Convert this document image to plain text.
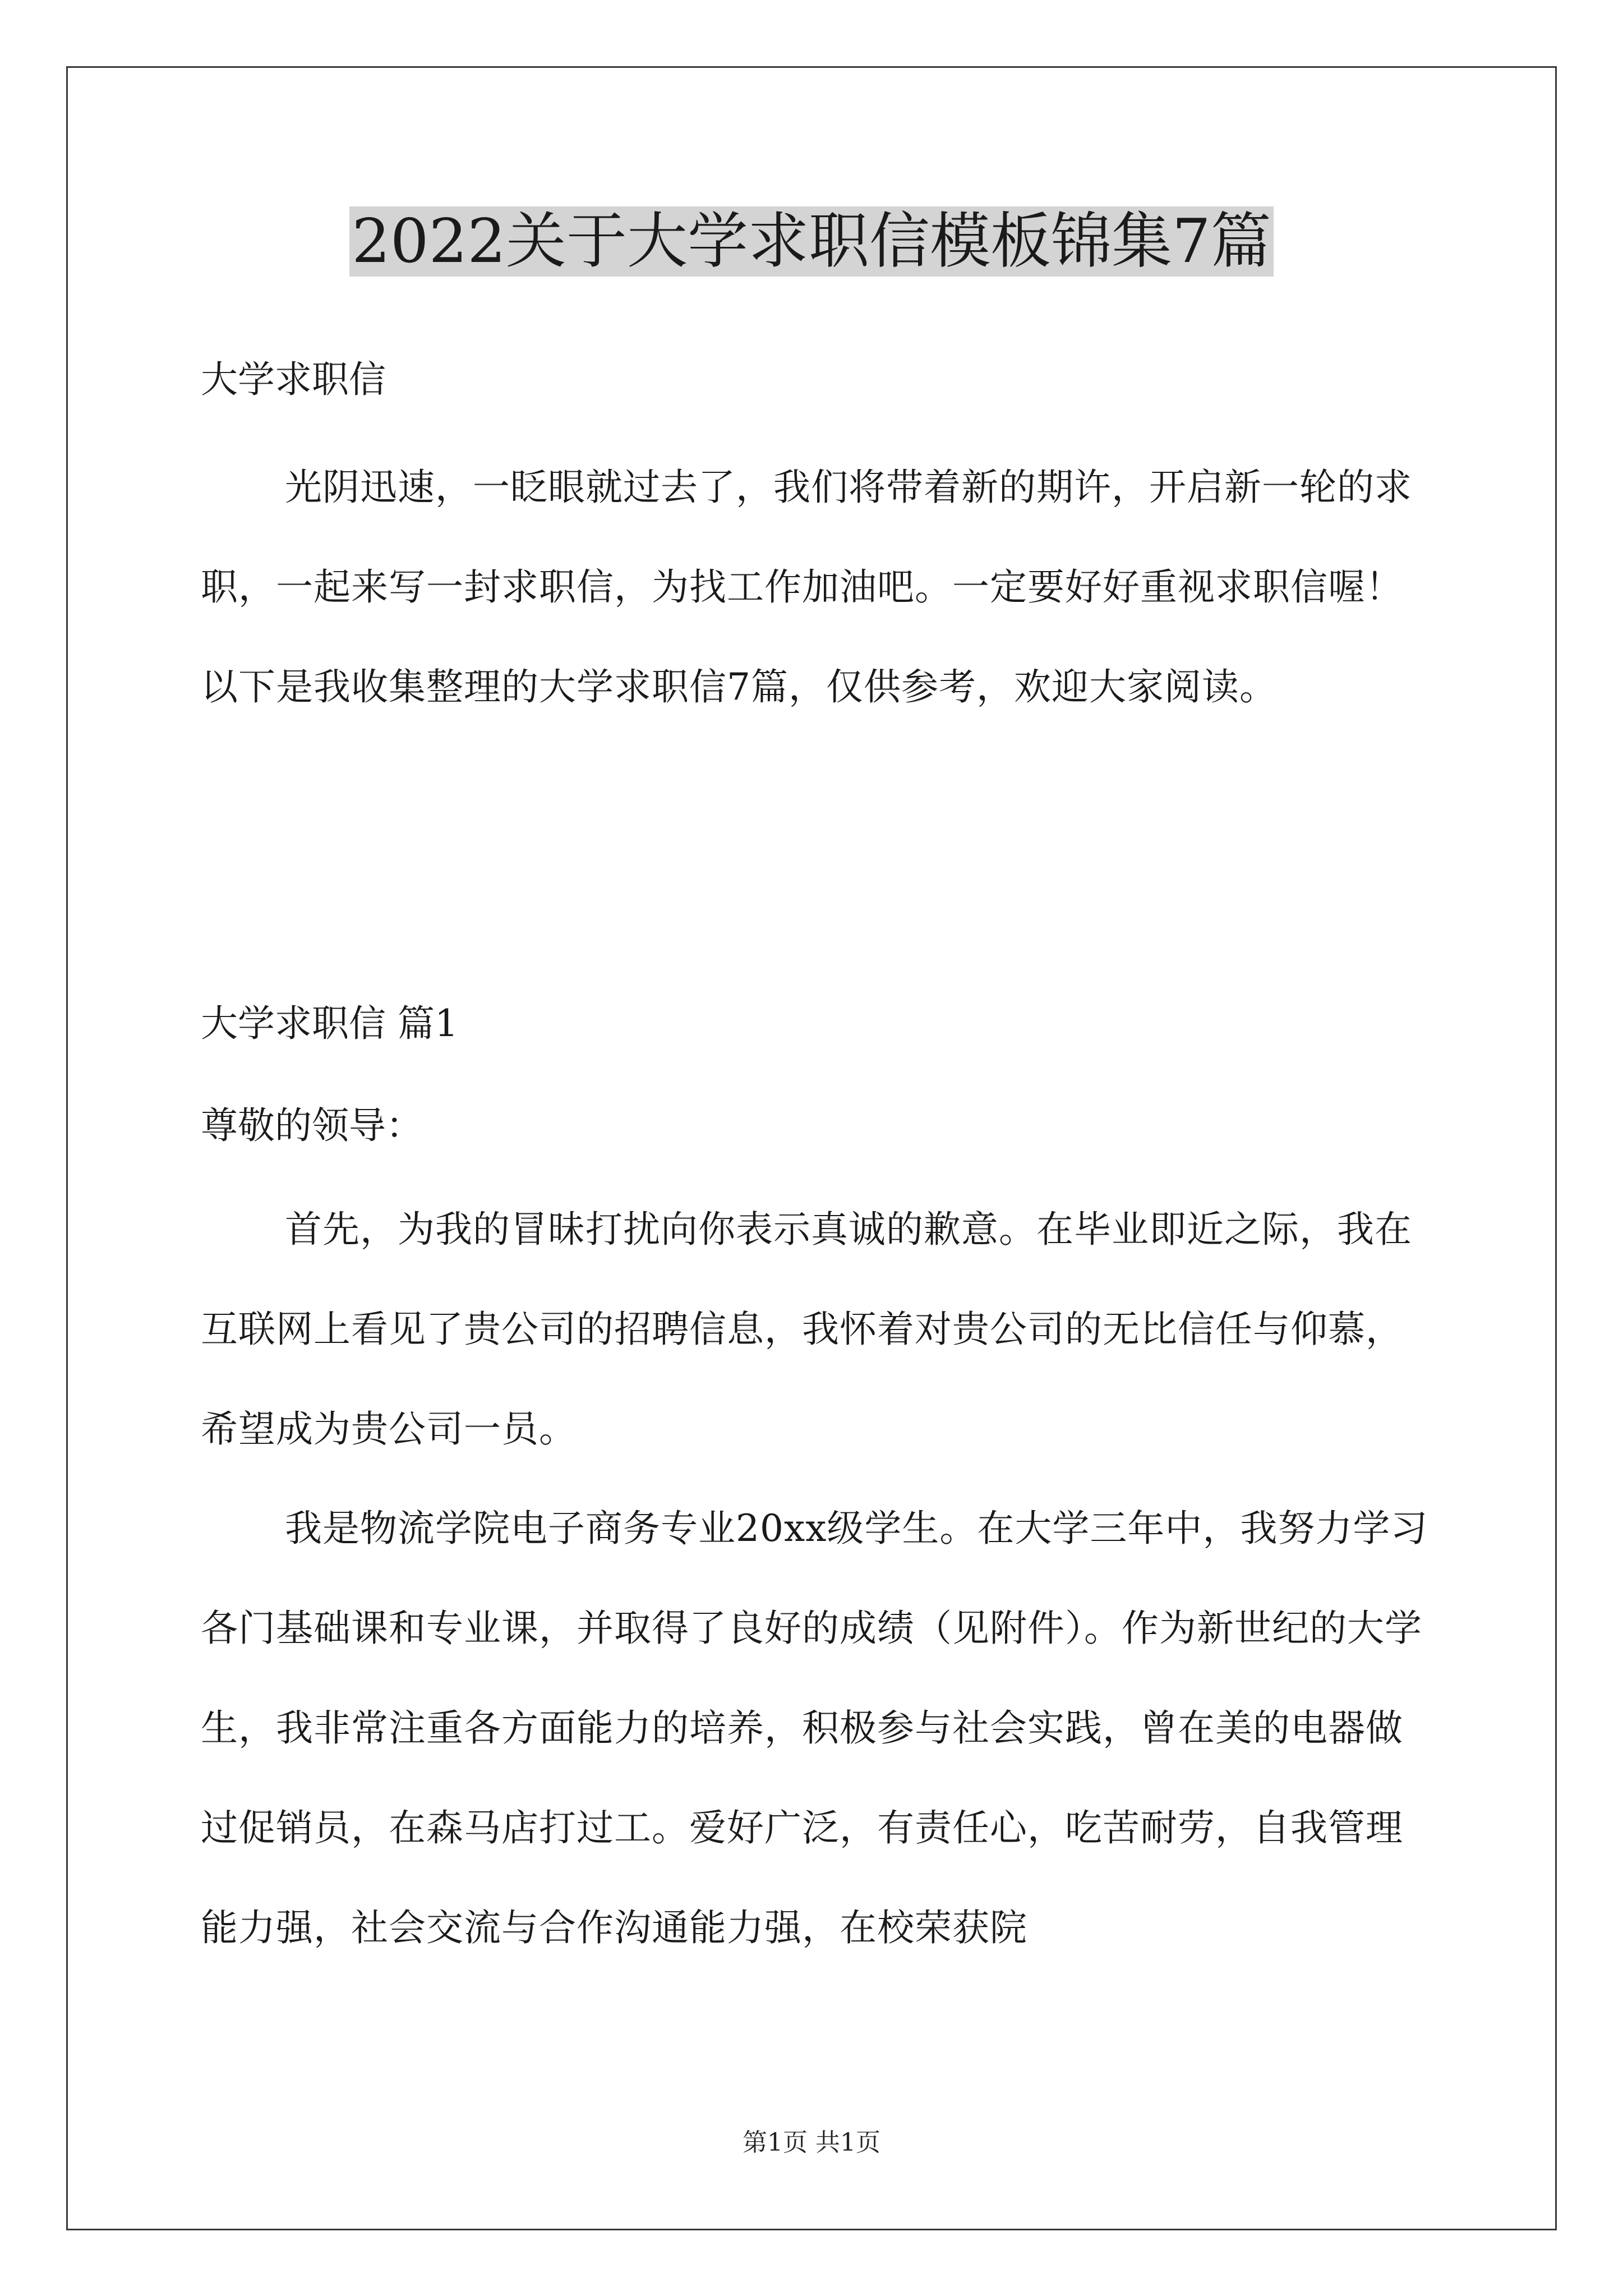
2022关于大学求职信模板锦集7篇

大学求职信

光阴迅速，一眨眼就过去了，我们将带着新的期许，开启新一轮的求职，一起来写一封求职信，为找工作加油吧。一定要好好重视求职信喔！以下是我收集整理的大学求职信7篇，仅供参考，欢迎大家阅读。

大学求职信 篇1

尊敬的领导：

首先，为我的冒昧打扰向你表示真诚的歉意。在毕业即近之际，我在互联网上看见了贵公司的招聘信息，我怀着对贵公司的无比信任与仰慕，希望成为贵公司一员。

我是物流学院电子商务专业20xx级学生。在大学三年中，我努力学习各门基础课和专业课，并取得了良好的成绩（见附件）。作为新世纪的大学生，我非常注重各方面能力的培养，积极参与社会实践，曾在美的电器做过促销员，在森马店打过工。爱好广泛，有责任心，吃苦耐劳，自我管理能力强，社会交流与合作沟通能力强，在校荣获院

第1页 共1页
